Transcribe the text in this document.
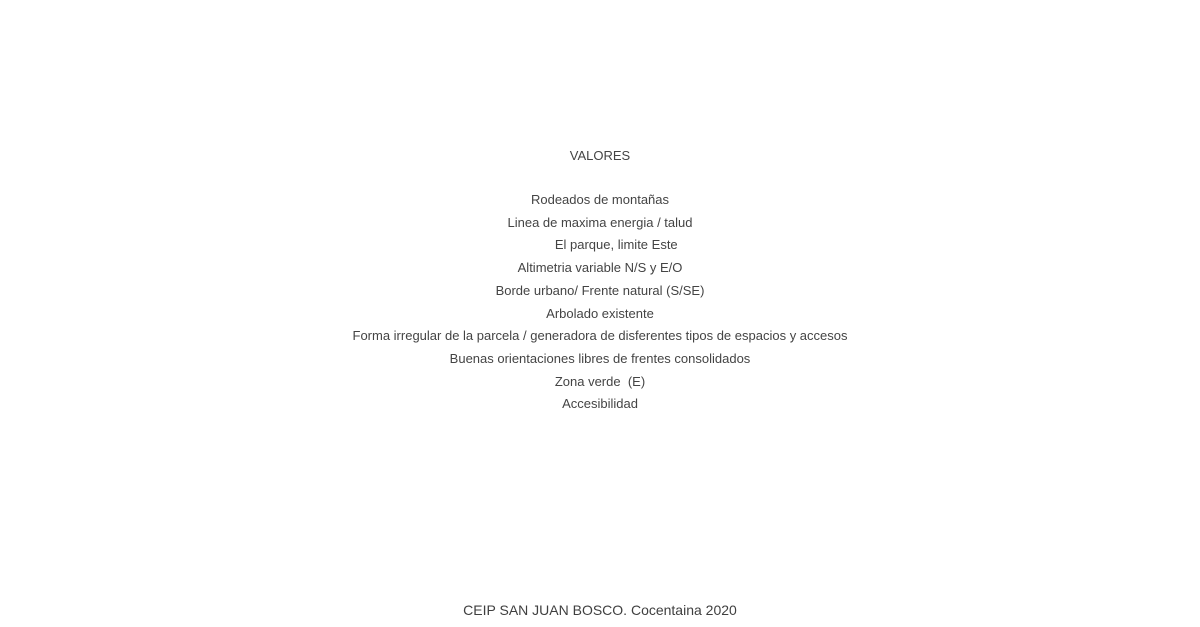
VALORES
Rodeados de montañas
Linea de maxima energia / talud
El parque, limite Este
Altimetria variable N/S y E/O
Borde urbano/ Frente natural (S/SE)
Arbolado existente
Forma irregular de la parcela / generadora de disferentes tipos de espacios y accesos
Buenas orientaciones libres de frentes consolidados
Zona verde  (E)
Accesibilidad
CEIP SAN JUAN BOSCO. Cocentaina 2020
